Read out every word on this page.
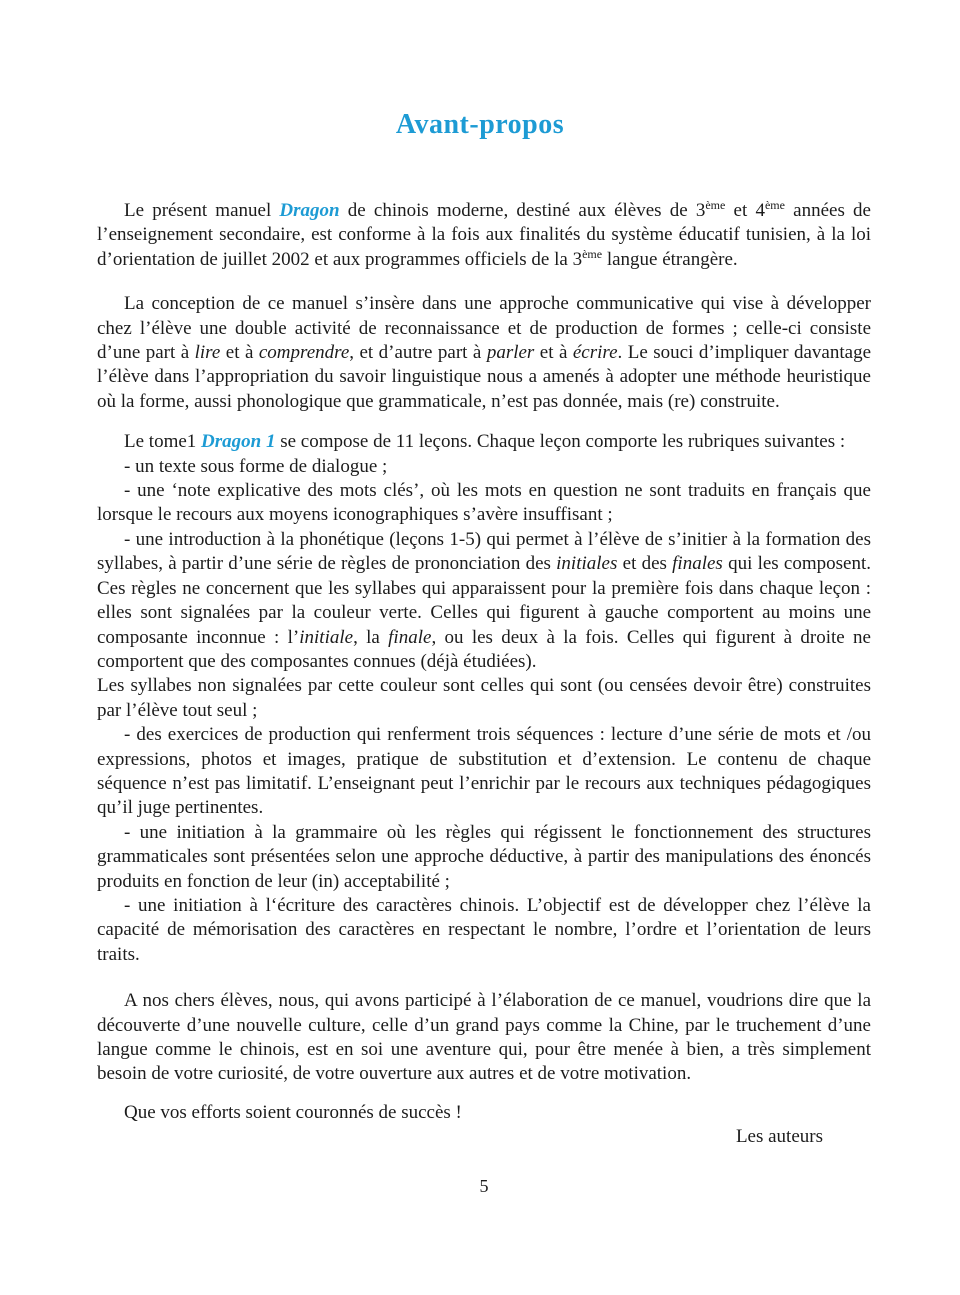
Avant-propos

Le présent manuel Dragon de chinois moderne, destiné aux élèves de 3ème et 4ème années de l’enseignement secondaire, est conforme à la fois aux finalités du système éducatif tunisien, à la loi d’orientation de juillet 2002 et aux programmes officiels de la 3ème langue étrangère.

La conception de ce manuel s’insère dans une approche communicative qui vise à développer chez l’élève une double activité de reconnaissance et de production de formes ; celle-ci consiste d’une part à lire et à comprendre, et d’autre part à parler et à écrire. Le souci d’impliquer davantage l’élève dans l’appropriation du savoir linguistique nous a amenés à adopter une méthode heuristique où la forme, aussi phonologique que grammaticale, n’est pas donnée, mais (re) construite.

Le tome1 Dragon 1 se compose de 11 leçons. Chaque leçon comporte les rubriques suivantes :

- un texte sous forme de dialogue ;

- une ‘note explicative des mots clés’, où les mots en question ne sont traduits en français que lorsque le recours aux moyens iconographiques s’avère insuffisant ;

- une introduction à la phonétique (leçons 1-5) qui permet à l’élève de s’initier à la formation des syllabes, à partir d’une série de règles de prononciation des initiales et des finales qui les composent. Ces règles ne concernent que les syllabes qui apparaissent pour la première fois dans chaque leçon : elles sont signalées par la couleur verte. Celles qui figurent à gauche comportent au moins une composante inconnue : l’initiale, la finale, ou les deux à la fois. Celles qui figurent à droite ne comportent que des composantes connues (déjà étudiées).
Les syllabes non signalées par cette couleur sont celles qui sont (ou censées devoir être) construites par l’élève tout seul ;

- des exercices de production qui renferment trois séquences : lecture d’une série de mots et /ou expressions, photos et images, pratique de substitution et d’extension. Le contenu de chaque séquence n’est pas limitatif. L’enseignant peut l’enrichir par le recours aux techniques pédagogiques qu’il juge pertinentes.

- une initiation à la grammaire où les règles qui régissent le fonctionnement des structures grammaticales sont présentées selon une approche déductive, à partir des manipulations des énoncés produits en fonction de leur (in) acceptabilité ;

- une initiation à l‘écriture des caractères chinois. L’objectif est de développer chez l’élève la capacité de mémorisation des caractères en respectant le nombre, l’ordre et l’orientation de leurs traits.

A nos chers élèves, nous, qui avons participé à l’élaboration de ce manuel, voudrions dire que la découverte d’une nouvelle culture, celle d’un grand pays comme la Chine, par le truchement d’une langue comme le chinois, est en soi une aventure qui, pour être menée à bien, a très simplement besoin de votre curiosité, de votre ouverture aux autres et de votre motivation.

Que vos efforts soient couronnés de succès !

Les auteurs
5
